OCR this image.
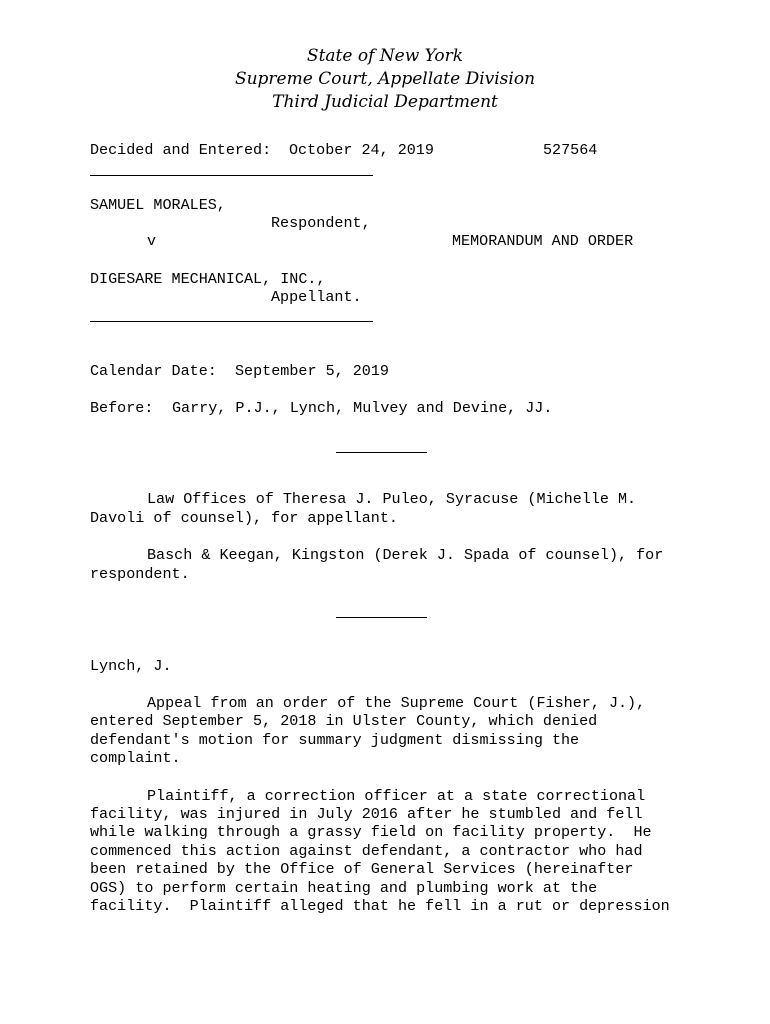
State of New York
Supreme Court, Appellate Division
Third Judicial Department
Decided and Entered: October 24, 2019	527564
SAMUEL MORALES,
Respondent,
v	MEMORANDUM AND ORDER
DIGESARE MECHANICAL, INC.,
Appellant.
Calendar Date: September 5, 2019
Before: Garry, P.J., Lynch, Mulvey and Devine, JJ.
Law Offices of Theresa J. Puleo, Syracuse (Michelle M.
Davoli of counsel), for appellant.
Basch & Keegan, Kingston (Derek J. Spada of counsel), for
respondent.
Lynch, J.
Appeal from an order of the Supreme Court (Fisher, J.),
entered September 5, 2018 in Ulster County, which denied
defendant's motion for summary judgment dismissing the
complaint.
Plaintiff, a correction officer at a state correctional
facility, was injured in July 2016 after he stumbled and fell
while walking through a grassy field on facility property.  He
commenced this action against defendant, a contractor who had
been retained by the Office of General Services (hereinafter
OGS) to perform certain heating and plumbing work at the
facility.  Plaintiff alleged that he fell in a rut or depression
